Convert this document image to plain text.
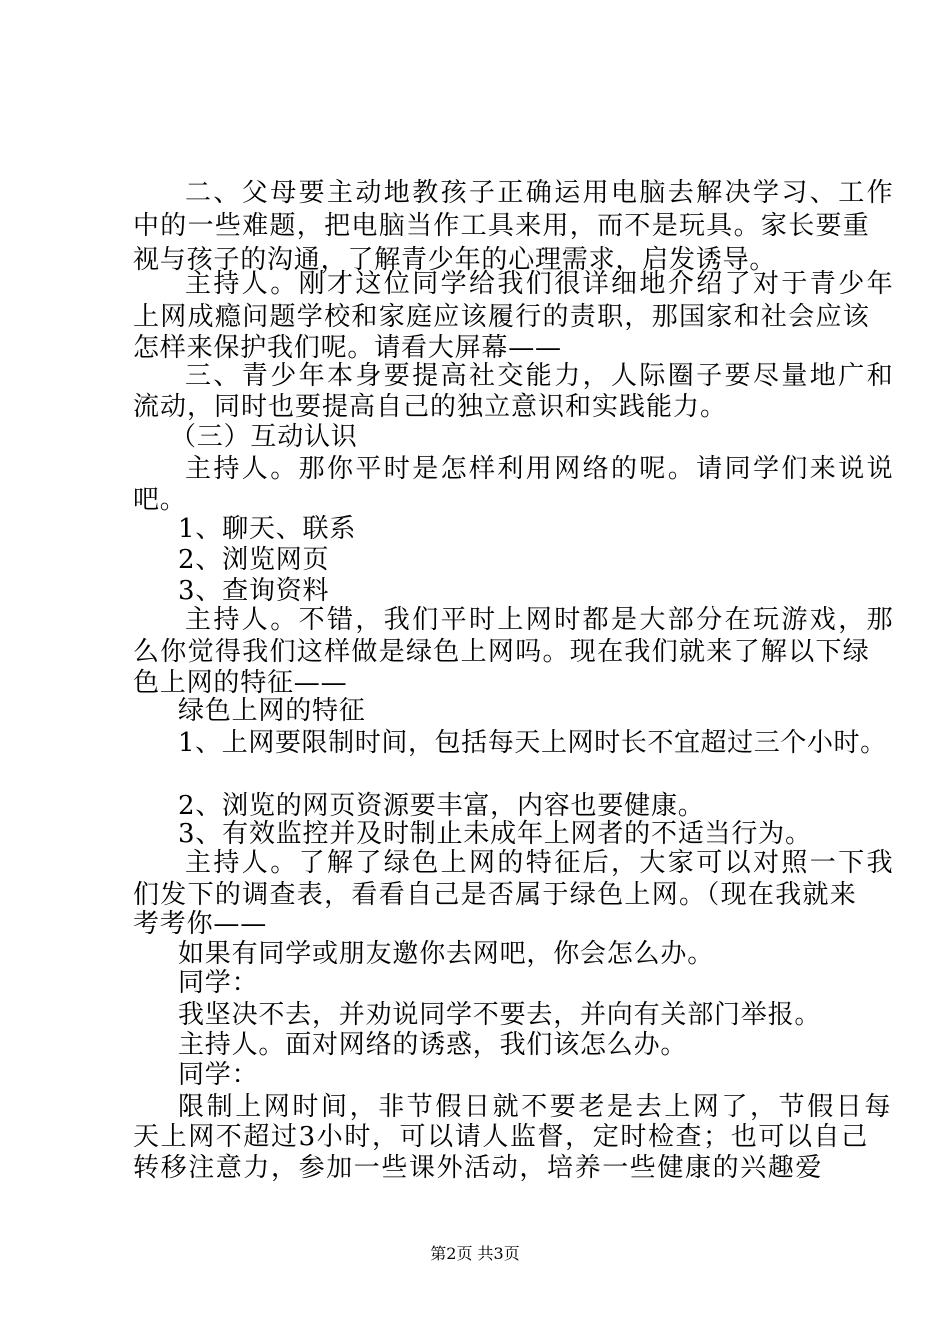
二、父母要主动地教孩子正确运用电脑去解决学习、工作
中的一些难题，把电脑当作工具来用，而不是玩具。家长要重
视与孩子的沟通，了解青少年的心理需求，启发诱导。
主持人。刚才这位同学给我们很详细地介绍了对于青少年
上网成瘾问题学校和家庭应该履行的责职，那国家和社会应该
怎样来保护我们呢。请看大屏幕——
三、青少年本身要提高社交能力，人际圈子要尽量地广和
流动，同时也要提高自己的独立意识和实践能力。
（三）互动认识
主持人。那你平时是怎样利用网络的呢。请同学们来说说
吧。
1、聊天、联系
2、浏览网页
3、查询资料
主持人。不错，我们平时上网时都是大部分在玩游戏，那
么你觉得我们这样做是绿色上网吗。现在我们就来了解以下绿
色上网的特征——
绿色上网的特征
1、上网要限制时间，包括每天上网时长不宜超过三个小时。
2、浏览的网页资源要丰富，内容也要健康。
3、有效监控并及时制止未成年上网者的不适当行为。
主持人。了解了绿色上网的特征后，大家可以对照一下我
们发下的调查表，看看自己是否属于绿色上网。（现在我就来
考考你——
如果有同学或朋友邀你去网吧，你会怎么办。
同学：
我坚决不去，并劝说同学不要去，并向有关部门举报。
主持人。面对网络的诱惑，我们该怎么办。
同学：
限制上网时间，非节假日就不要老是去上网了，节假日每
天上网不超过3小时，可以请人监督，定时检查；也可以自己
转移注意力，参加一些课外活动，培养一些健康的兴趣爱
第2页 共3页
